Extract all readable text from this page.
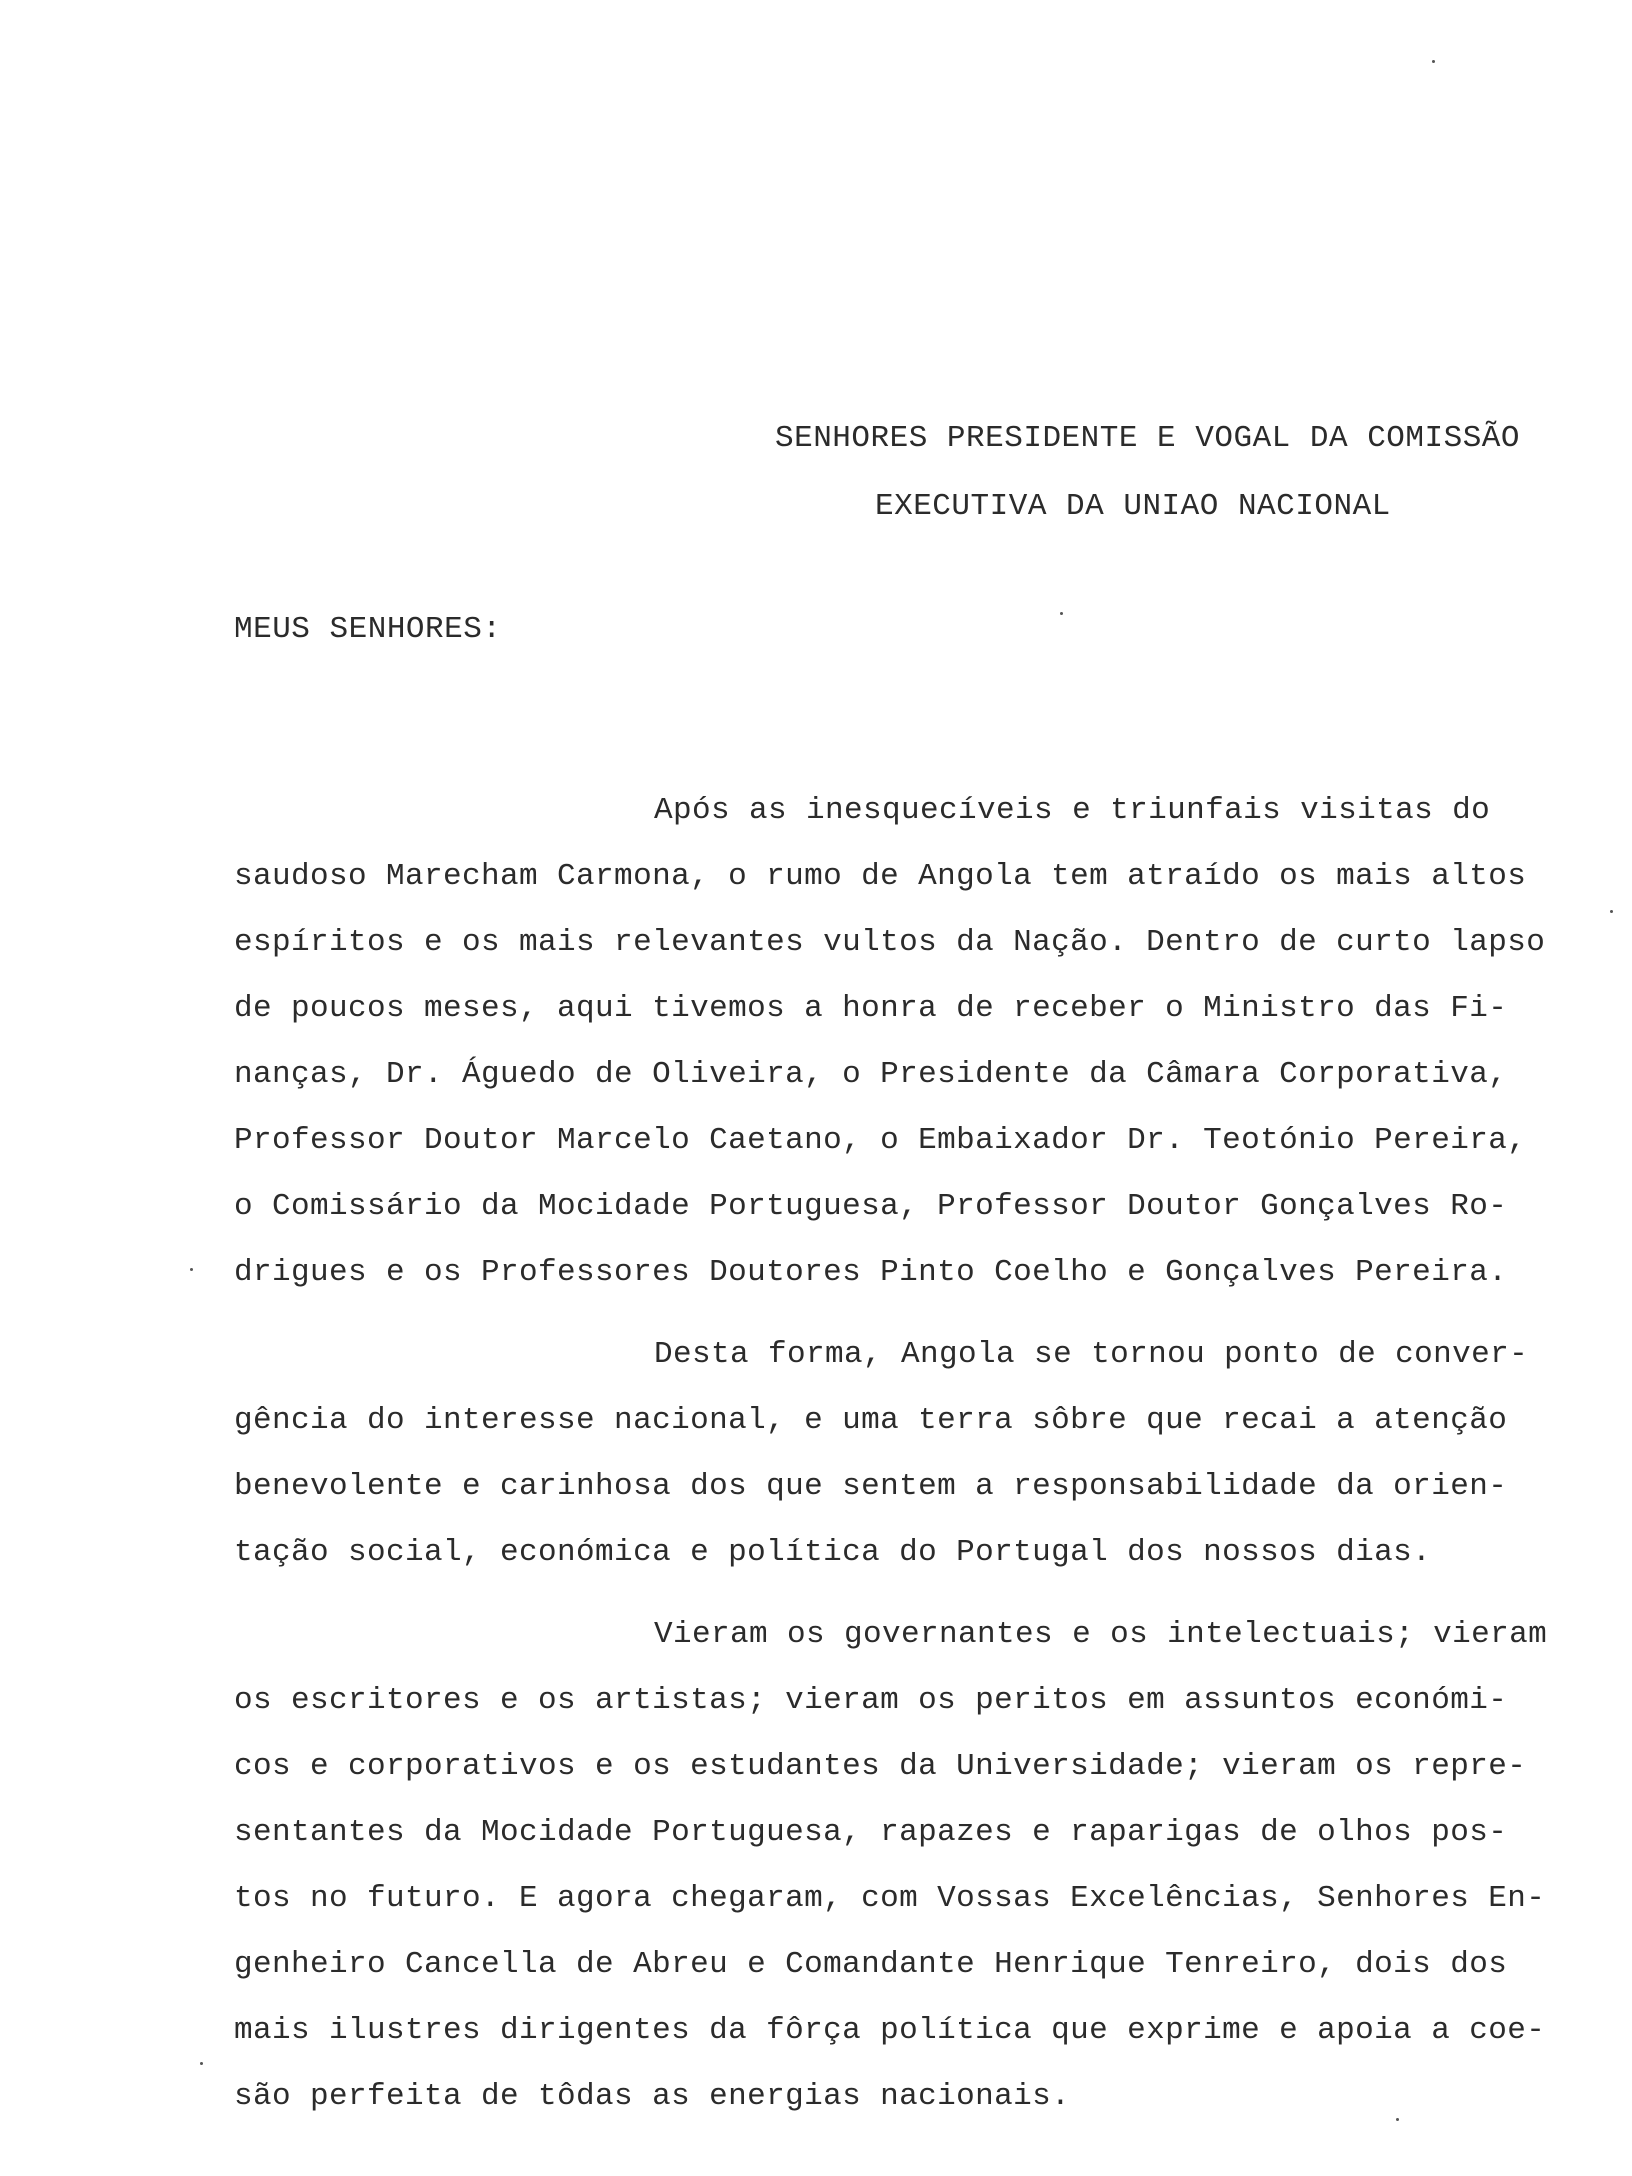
SENHORES PRESIDENTE E VOGAL DA COMISSÃO
EXECUTIVA DA UNIAO NACIONAL
MEUS SENHORES:
Após as inesquecíveis e triunfais visitas do
saudoso Marecham Carmona, o rumo de Angola tem atraído os mais altos
espíritos e os mais relevantes vultos da Nação. Dentro de curto lapso
de poucos meses, aqui tivemos a honra de receber o Ministro das Fi-
nanças, Dr. Águedo de Oliveira, o Presidente da Câmara Corporativa,
Professor Doutor Marcelo Caetano, o Embaixador Dr. Teotónio Pereira,
o Comissário da Mocidade Portuguesa, Professor Doutor Gonçalves Ro-
drigues e os Professores Doutores Pinto Coelho e Gonçalves Pereira.
Desta forma, Angola se tornou ponto de conver-
gência do interesse nacional, e uma terra sôbre que recai a atenção
benevolente e carinhosa dos que sentem a responsabilidade da orien-
tação social, económica e política do Portugal dos nossos dias.
Vieram os governantes e os intelectuais; vieram
os escritores e os artistas; vieram os peritos em assuntos económi-
cos e corporativos e os estudantes da Universidade; vieram os repre-
sentantes da Mocidade Portuguesa, rapazes e raparigas de olhos pos-
tos no futuro. E agora chegaram, com Vossas Excelências, Senhores En-
genheiro Cancella de Abreu e Comandante Henrique Tenreiro, dois dos
mais ilustres dirigentes da fôrça política que exprime e apoia a coe-
são perfeita de tôdas as energias nacionais.
